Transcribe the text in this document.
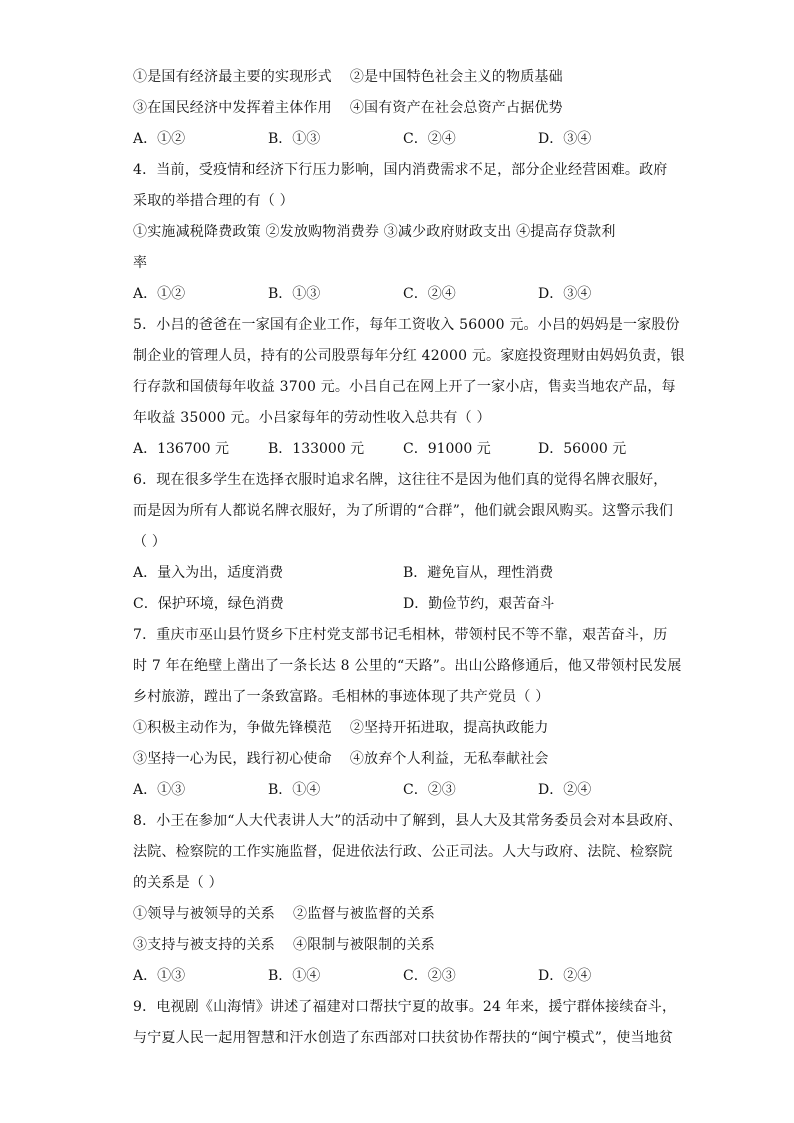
①是国有经济最主要的实现形式 ②是中国特色社会主义的物质基础
③在国民经济中发挥着主体作用 ④国有资产在社会总资产占据优势
A．①②	B．①③	C．②④	D．③④
4．当前，受疫情和经济下行压力影响，国内消费需求不足，部分企业经营困难。政府
采取的举措合理的有（ ）
①实施减税降费政策 ②发放购物消费券 ③减少政府财政支出 ④提高存贷款利
率
A．①②	B．①③	C．②④	D．③④
5．小吕的爸爸在一家国有企业工作，每年工资收入 56000 元。小吕的妈妈是一家股份
制企业的管理人员，持有的公司股票每年分红 42000 元。家庭投资理财由妈妈负责，银
行存款和国债每年收益 3700 元。小吕自己在网上开了一家小店，售卖当地农产品，每
年收益 35000 元。小吕家每年的劳动性收入总共有（ ）
A．136700 元	B．133000 元	C．91000 元	D．56000 元
6．现在很多学生在选择衣服时追求名牌，这往往不是因为他们真的觉得名牌衣服好，
而是因为所有人都说名牌衣服好，为了所谓的“合群”，他们就会跟风购买。这警示我们
（ ）
A．量入为出，适度消费	B．避免盲从，理性消费
C．保护环境，绿色消费	D．勤俭节约，艰苦奋斗
7．重庆市巫山县竹贤乡下庄村党支部书记毛相林，带领村民不等不靠，艰苦奋斗，历
时 7 年在绝壁上凿出了一条长达 8 公里的“天路”。出山公路修通后，他又带领村民发展
乡村旅游，蹚出了一条致富路。毛相林的事迹体现了共产党员（ ）
①积极主动作为，争做先锋模范 ②坚持开拓进取，提高执政能力
③坚持一心为民，践行初心使命 ④放弃个人利益，无私奉献社会
A．①③	B．①④	C．②③	D．②④
8．小王在参加“人大代表讲人大”的活动中了解到，县人大及其常务委员会对本县政府、
法院、检察院的工作实施监督，促进依法行政、公正司法。人大与政府、法院、检察院
的关系是（ ）
①领导与被领导的关系 ②监督与被监督的关系
③支持与被支持的关系 ④限制与被限制的关系
A．①③	B．①④	C．②③	D．②④
9．电视剧《山海情》讲述了福建对口帮扶宁夏的故事。24 年来，援宁群体接续奋斗，
与宁夏人民一起用智慧和汗水创造了东西部对口扶贫协作帮扶的“闽宁模式”，使当地贫
